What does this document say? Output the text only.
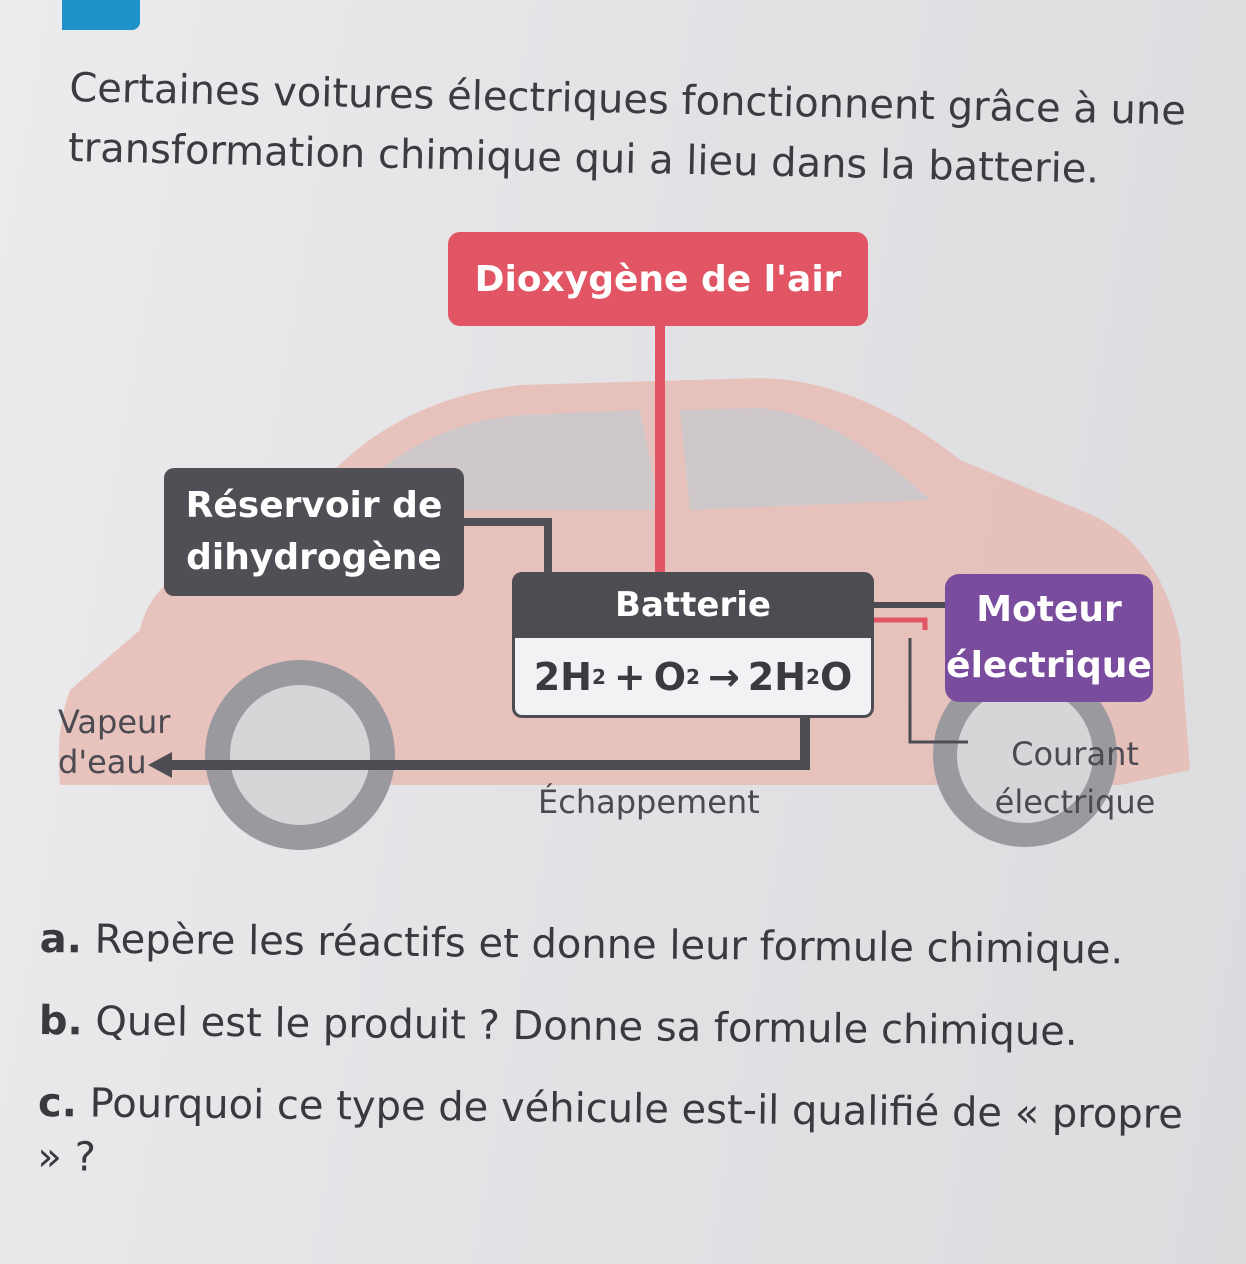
Certaines voitures électriques fonctionnent grâce à une transformation chimique qui a lieu dans la batterie.

Dioxygène de l'air
Réservoir de
dihydrogène
Batterie
2H 2 + O 2 → 2H 2 O
Moteur
électrique
Vapeur
d'eau
Échappement
Courant
électrique
a. Repère les réactifs et donne leur formule chimique.
b. Quel est le produit ? Donne sa formule chimique.
c. Pourquoi ce type de véhicule est-il qualifié de « propre » ?
